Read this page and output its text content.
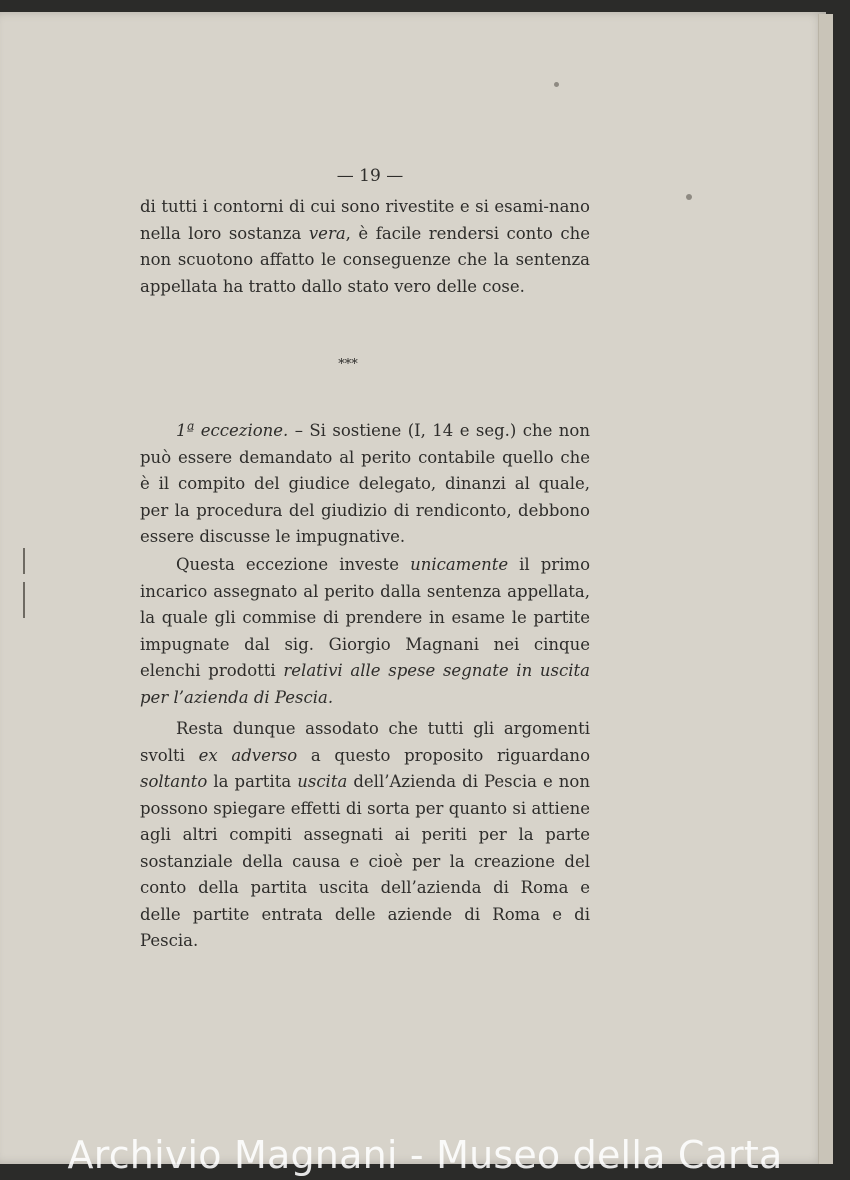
— 19 —

di tutti i contorni di cui sono rivestite e si esami-nano nella loro sostanza vera, è facile rendersi conto che non scuotono affatto le conseguenze che la sentenza appellata ha tratto dallo stato vero delle cose.

***

1ª eccezione. – Si sostiene (I, 14 e seg.) che non può essere demandato al perito contabile quello che è il compito del giudice delegato, dinanzi al quale, per la procedura del giudizio di rendiconto, debbono essere discusse le impugnative.

Questa eccezione investe unicamente il primo incarico assegnato al perito dalla sentenza appellata, la quale gli commise di prendere in esame le partite impugnate dal sig. Giorgio Magnani nei cinque elenchi prodotti relativi alle spese segnate in uscita per l’azienda di Pescia.

Resta dunque assodato che tutti gli argomenti svolti ex adverso a questo proposito riguardano soltanto la partita uscita dell’Azienda di Pescia e non possono spiegare effetti di sorta per quanto si attiene agli altri compiti assegnati ai periti per la parte sostanziale della causa e cioè per la creazione del conto della partita uscita dell’azienda di Roma e delle partite entrata delle aziende di Roma e di Pescia.

Archivio Magnani - Museo della Carta
